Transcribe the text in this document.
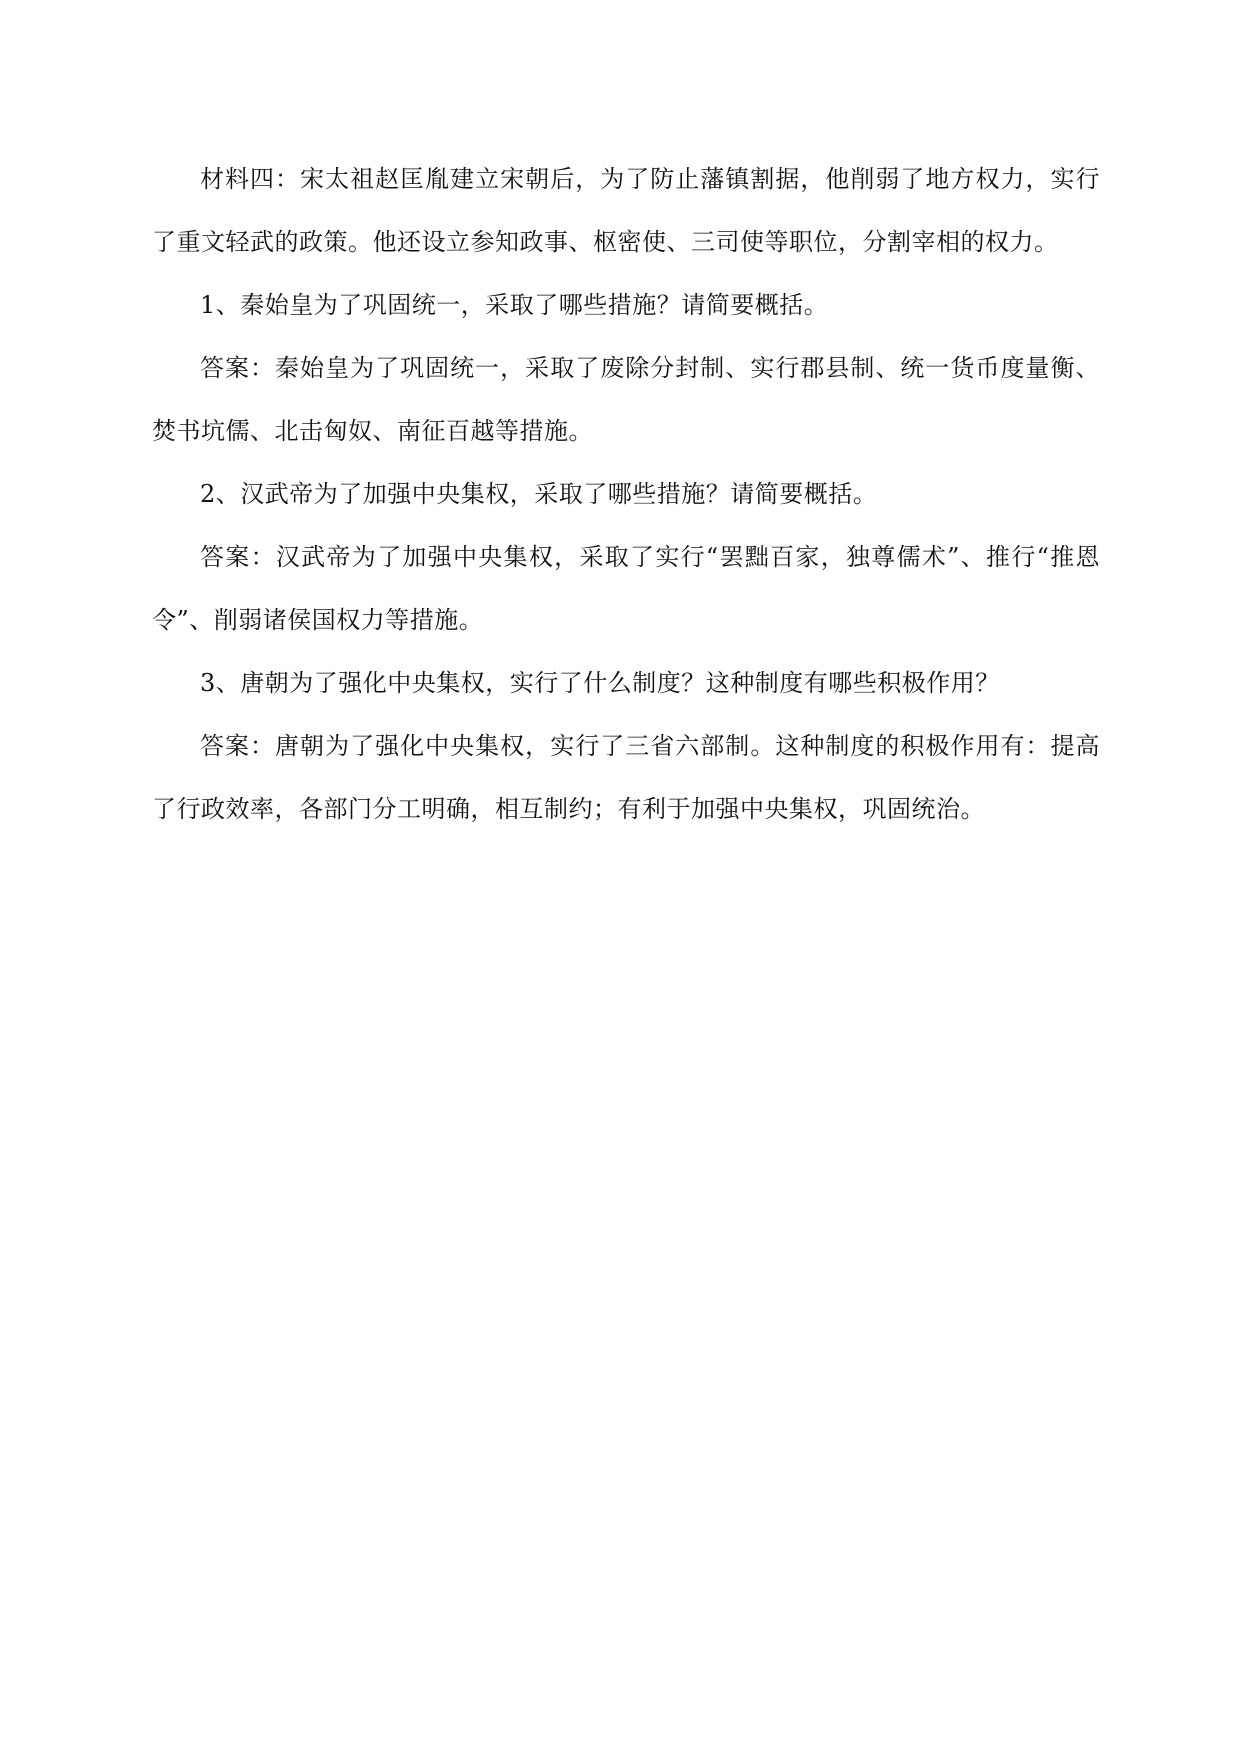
材料四：宋太祖赵匡胤建立宋朝后，为了防止藩镇割据，他削弱了地方权力，实行了重文轻武的政策。他还设立参知政事、枢密使、三司使等职位，分割宰相的权力。

1、秦始皇为了巩固统一，采取了哪些措施？请简要概括。

答案：秦始皇为了巩固统一，采取了废除分封制、实行郡县制、统一货币度量衡、焚书坑儒、北击匈奴、南征百越等措施。

2、汉武帝为了加强中央集权，采取了哪些措施？请简要概括。

答案：汉武帝为了加强中央集权，采取了实行“罢黜百家，独尊儒术”、推行“推恩令”、削弱诸侯国权力等措施。

3、唐朝为了强化中央集权，实行了什么制度？这种制度有哪些积极作用？

答案：唐朝为了强化中央集权，实行了三省六部制。这种制度的积极作用有：提高了行政效率，各部门分工明确，相互制约；有利于加强中央集权，巩固统治。
